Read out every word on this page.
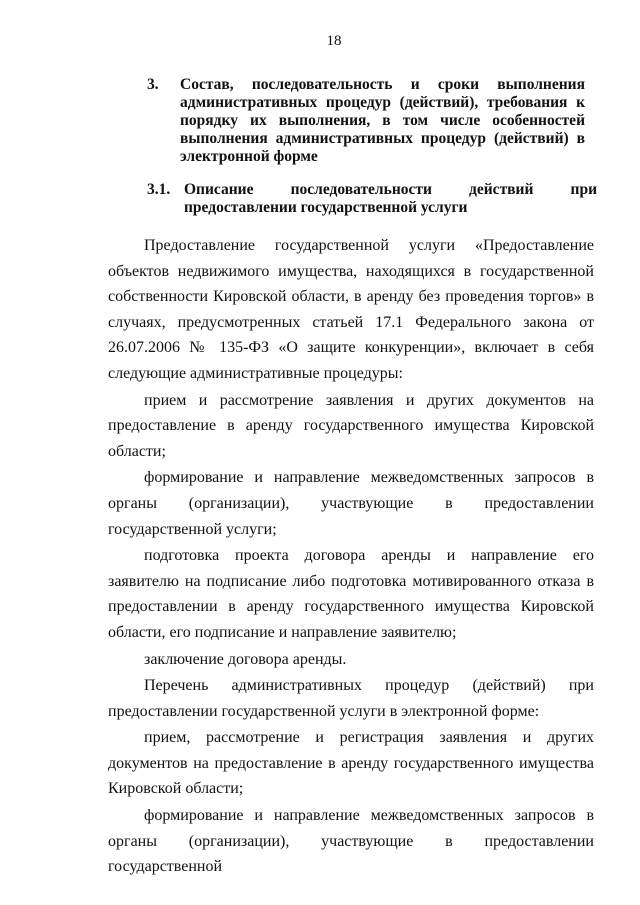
18
3. Состав, последовательность и сроки выполнения административных процедур (действий), требования к порядку их выполнения, в том числе особенностей выполнения административных процедур (действий) в электронной форме
3.1. Описание последовательности действий при предоставлении государственной услуги

Предоставление государственной услуги «Предоставление объектов недвижимого имущества, находящихся в государственной собственности Кировской области, в аренду без проведения торгов» в случаях, предусмотренных статьей 17.1 Федерального закона от 26.07.2006 № 135-ФЗ «О защите конкуренции», включает в себя следующие административные процедуры:

прием и рассмотрение заявления и других документов на предоставление в аренду государственного имущества Кировской области;

формирование и направление межведомственных запросов в органы (организации), участвующие в предоставлении государственной услуги;

подготовка проекта договора аренды и направление его заявителю на подписание либо подготовка мотивированного отказа в предоставлении в аренду государственного имущества Кировской области, его подписание и направление заявителю;

заключение договора аренды.

Перечень административных процедур (действий) при предоставлении государственной услуги в электронной форме:

прием, рассмотрение и регистрация заявления и других документов на предоставление в аренду государственного имущества Кировской области;

формирование и направление межведомственных запросов в органы (организации), участвующие в предоставлении государственной
